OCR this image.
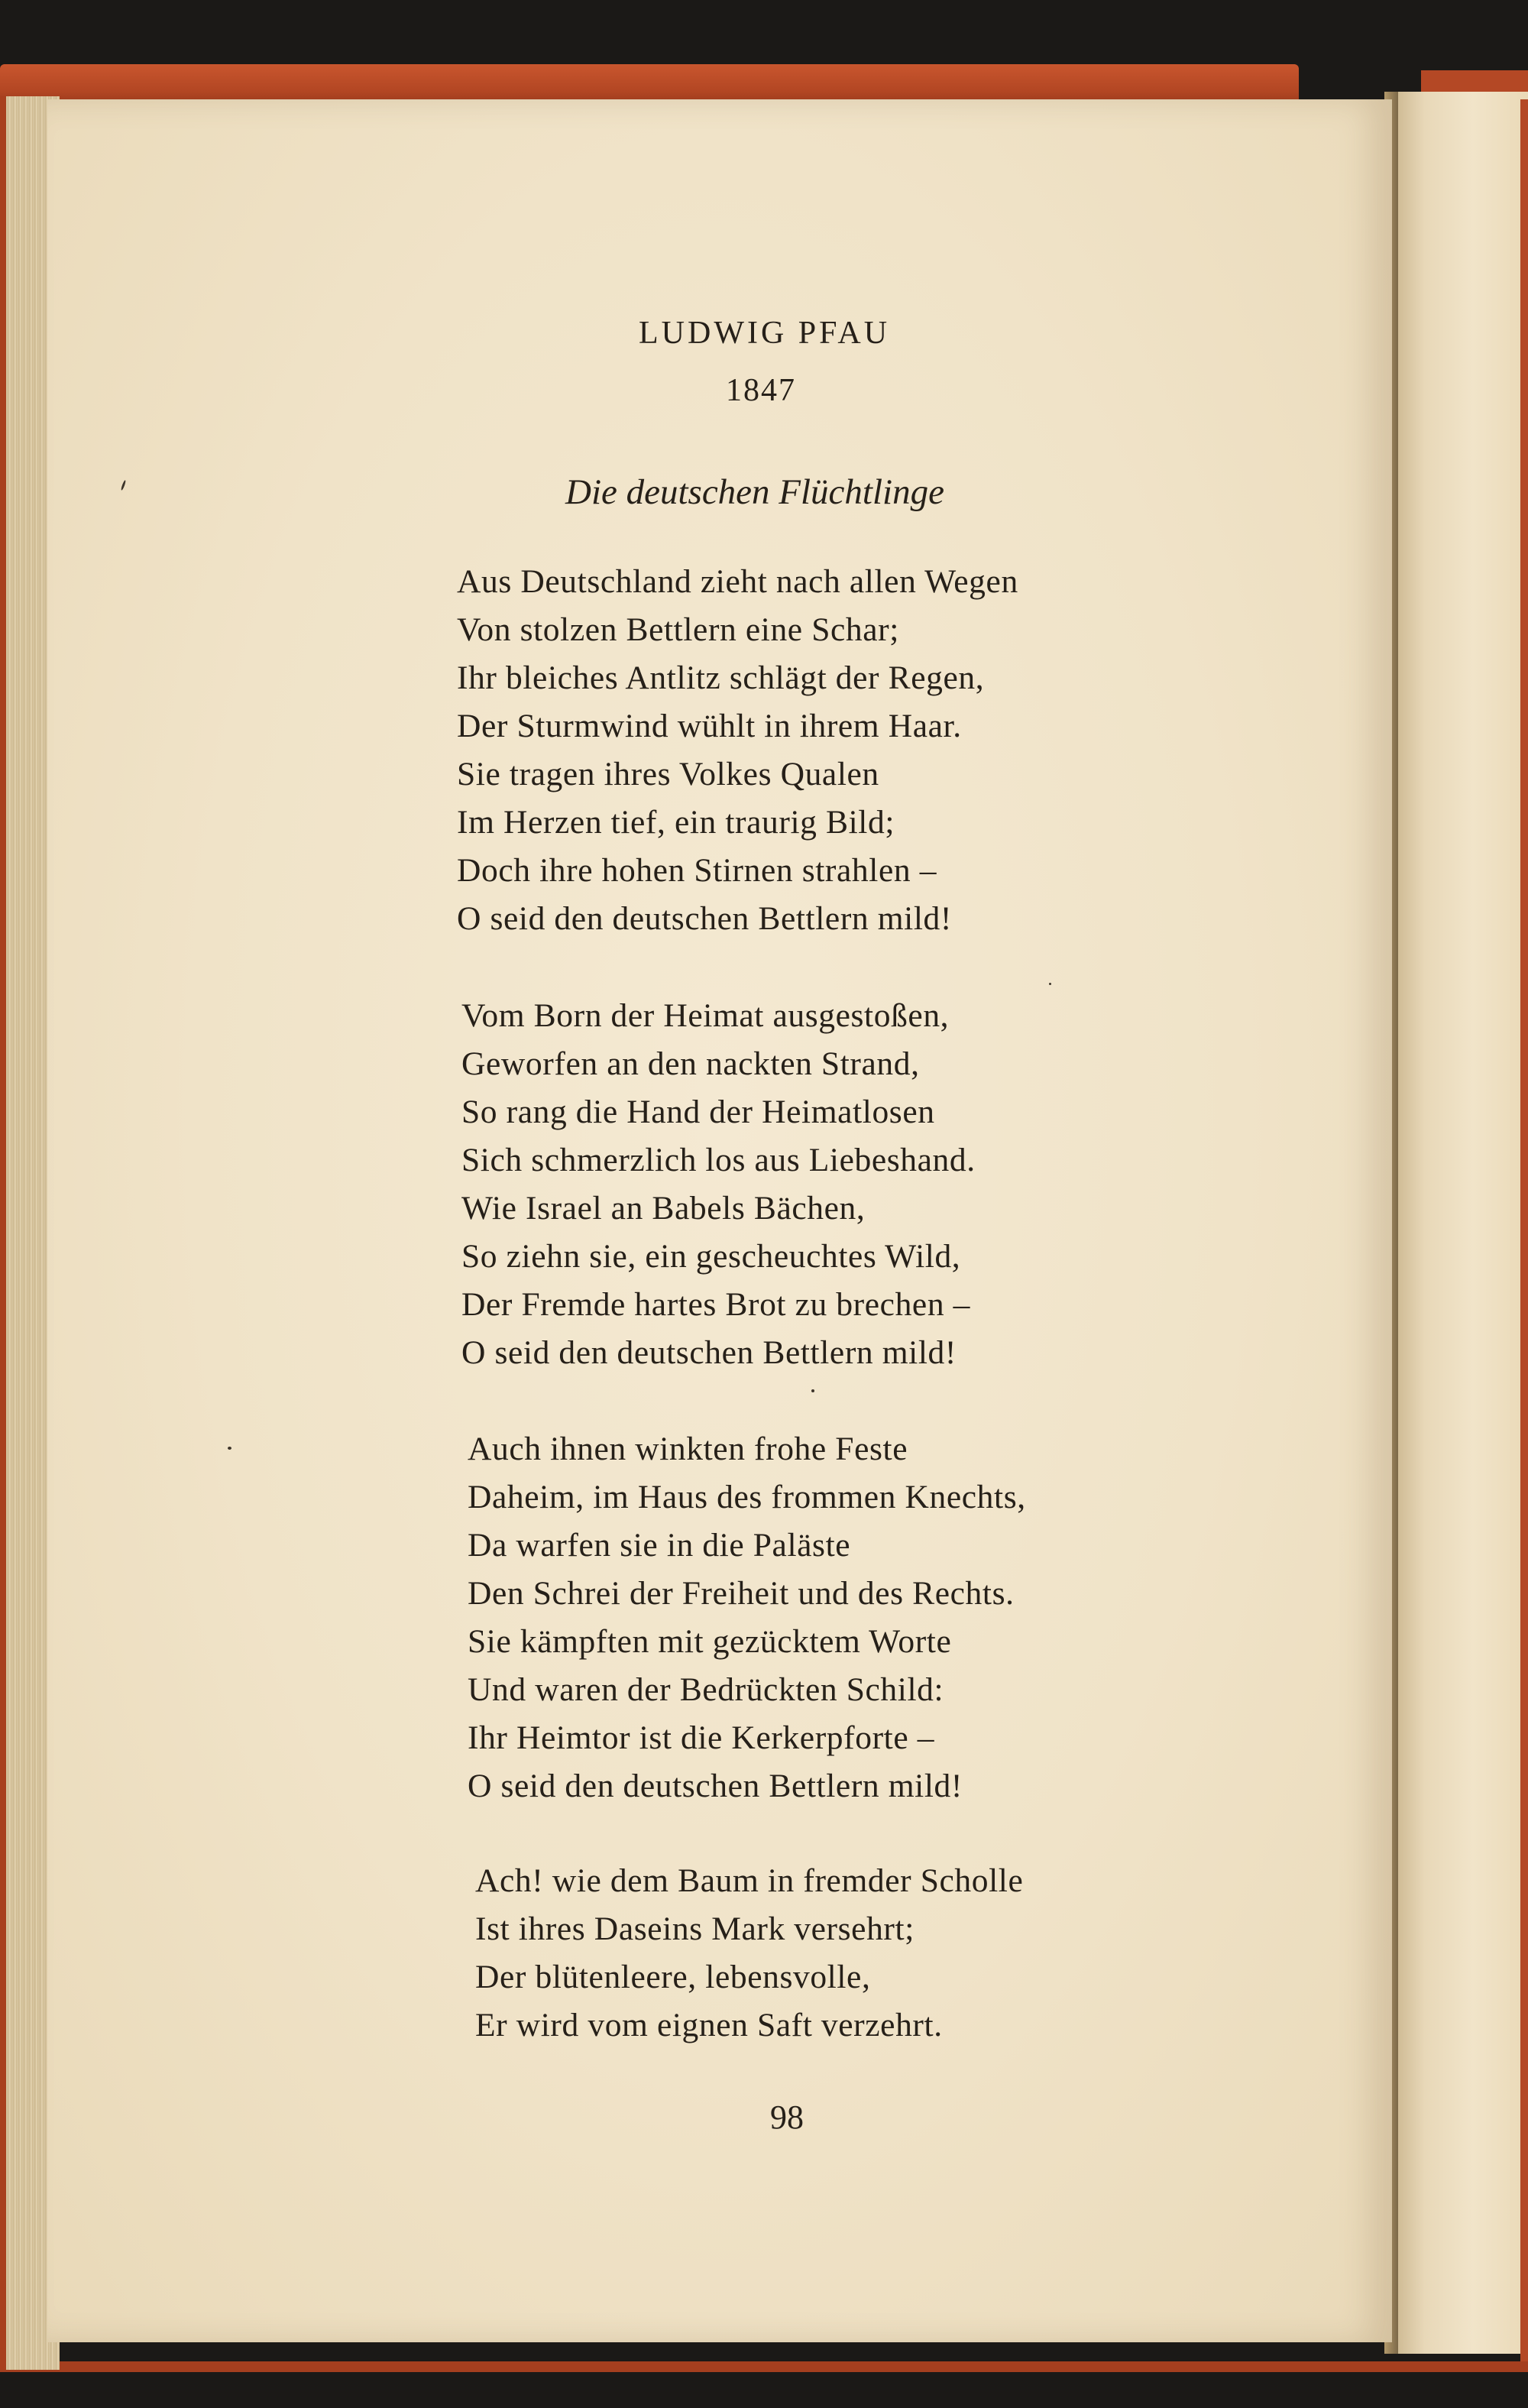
LUDWIG PFAU
1847
Die deutschen Flüchtlinge
Aus Deutschland zieht nach allen Wegen
Von stolzen Bettlern eine Schar;
Ihr bleiches Antlitz schlägt der Regen,
Der Sturmwind wühlt in ihrem Haar.
Sie tragen ihres Volkes Qualen
Im Herzen tief, ein traurig Bild;
Doch ihre hohen Stirnen strahlen –
O seid den deutschen Bettlern mild!
Vom Born der Heimat ausgestoßen,
Geworfen an den nackten Strand,
So rang die Hand der Heimatlosen
Sich schmerzlich los aus Liebeshand.
Wie Israel an Babels Bächen,
So ziehn sie, ein gescheuchtes Wild,
Der Fremde hartes Brot zu brechen –
O seid den deutschen Bettlern mild!
Auch ihnen winkten frohe Feste
Daheim, im Haus des frommen Knechts,
Da warfen sie in die Paläste
Den Schrei der Freiheit und des Rechts.
Sie kämpften mit gezücktem Worte
Und waren der Bedrückten Schild:
Ihr Heimtor ist die Kerkerpforte –
O seid den deutschen Bettlern mild!
Ach! wie dem Baum in fremder Scholle
Ist ihres Daseins Mark versehrt;
Der blütenleere, lebensvolle,
Er wird vom eignen Saft verzehrt.
98
